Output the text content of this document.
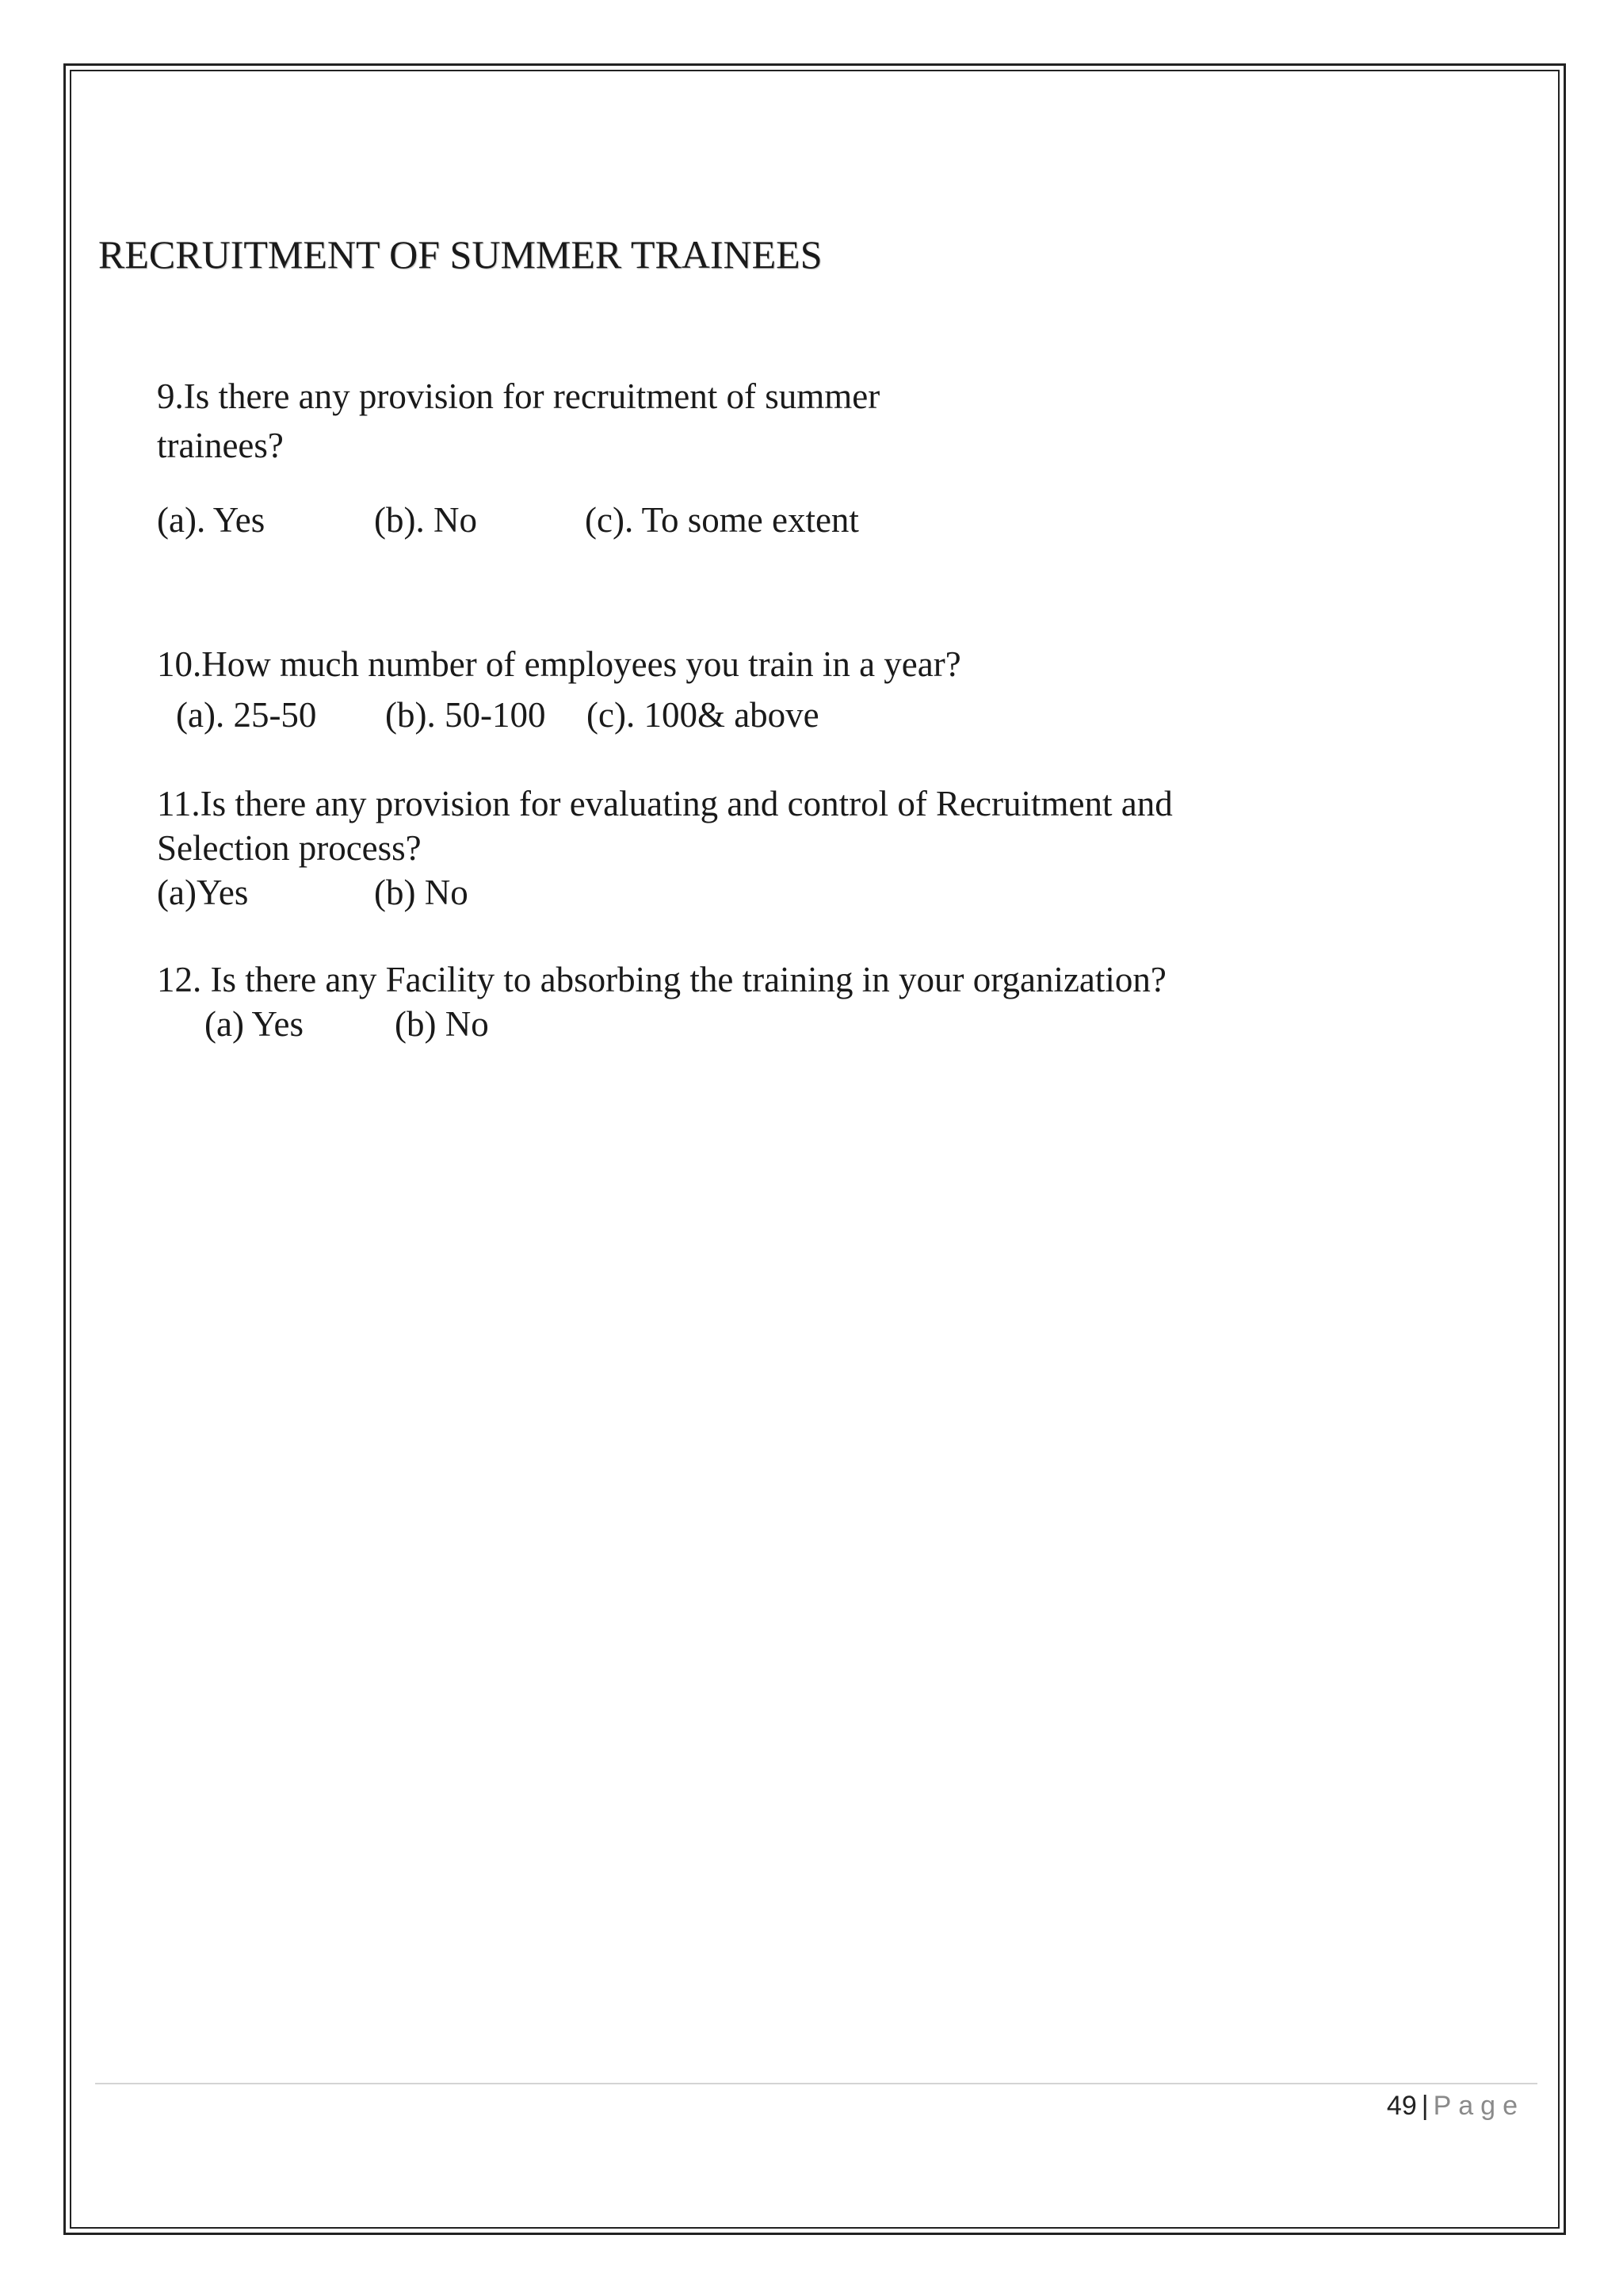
RECRUITMENT OF SUMMER TRAINEES
9.Is there any provision for recruitment of summer
trainees?
(a). Yes	(b). No	(c). To some extent
10.How much number of employees you train in a year?
(a). 25-50 (b). 50-100 (c). 100& above
11.Is there any provision for evaluating and control of Recruitment and
Selection process?
(a)Yes	(b) No
12. Is there any Facility to absorbing the training in your organization?
(a) Yes	(b) No
49 | Page
